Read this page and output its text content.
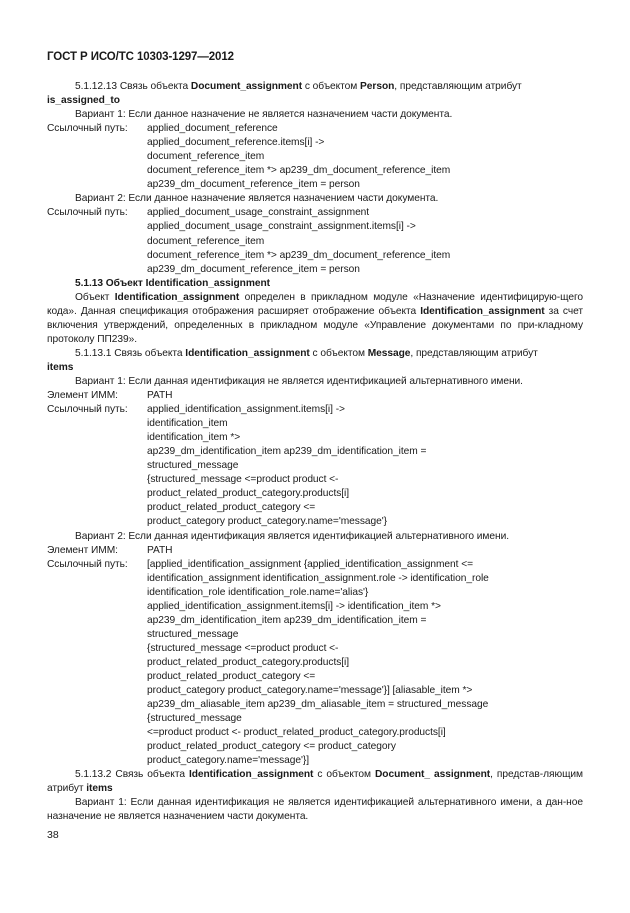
ГОСТ Р ИСО/ТС 10303-1297—2012

5.1.12.13 Связь объекта Document_assignment с объектом Person, представляющим атрибут
is_assigned_to

Вариант 1: Если данное назначение не является назначением части документа.

Ссылочный путь:	applied_document_reference
applied_document_reference.items[i] ->
document_reference_item
document_reference_item *> ap239_dm_document_reference_item
ap239_dm_document_reference_item = person

Вариант 2: Если данное назначение является назначением части документа.

Ссылочный путь:	applied_document_usage_constraint_assignment
applied_document_usage_constraint_assignment.items[i] ->
document_reference_item
document_reference_item *> ap239_dm_document_reference_item
ap239_dm_document_reference_item = person

5.1.13 Объект Identification_assignment

Объект Identification_assignment определен в прикладном модуле «Назначение идентифицирую-щего кода». Данная спецификация отображения расширяет отображение объекта Identification_assignment за счет включения утверждений, определенных в прикладном модуле «Управление документами по при-кладному протоколу ПП239».

5.1.13.1 Связь объекта Identification_assignment с объектом Message, представляющим атрибут
items

Вариант 1: Если данная идентификация не является идентификацией альтернативного имени.

Элемент ИММ:	PATH
Ссылочный путь:	applied_identification_assignment.items[i] ->
identification_item
identification_item *>
ap239_dm_identification_item ap239_dm_identification_item =
structured_message
{structured_message <=product product <-
product_related_product_category.products[i]
product_related_product_category <=
product_category product_category.name='message'}

Вариант 2: Если данная идентификация является идентификацией альтернативного имени.

Элемент ИММ:	PATH
Ссылочный путь:	[applied_identification_assignment {applied_identification_assignment <=
identification_assignment identification_assignment.role -> identification_role
identification_role identification_role.name='alias'}
applied_identification_assignment.items[i] -> identification_item *>
ap239_dm_identification_item ap239_dm_identification_item =
structured_message
{structured_message <=product product <-
product_related_product_category.products[i]
product_related_product_category <=
product_category product_category.name='message'}] [aliasable_item *>
ap239_dm_aliasable_item ap239_dm_aliasable_item = structured_message
{structured_message
<=product product <- product_related_product_category.products[i]
product_related_product_category <= product_category
product_category.name='message'}]

5.1.13.2 Связь объекта Identification_assignment с объектом Document_ assignment, представ-ляющим атрибут items

Вариант 1: Если данная идентификация не является идентификацией альтернативного имени, а дан-ное назначение не является назначением части документа.

38
